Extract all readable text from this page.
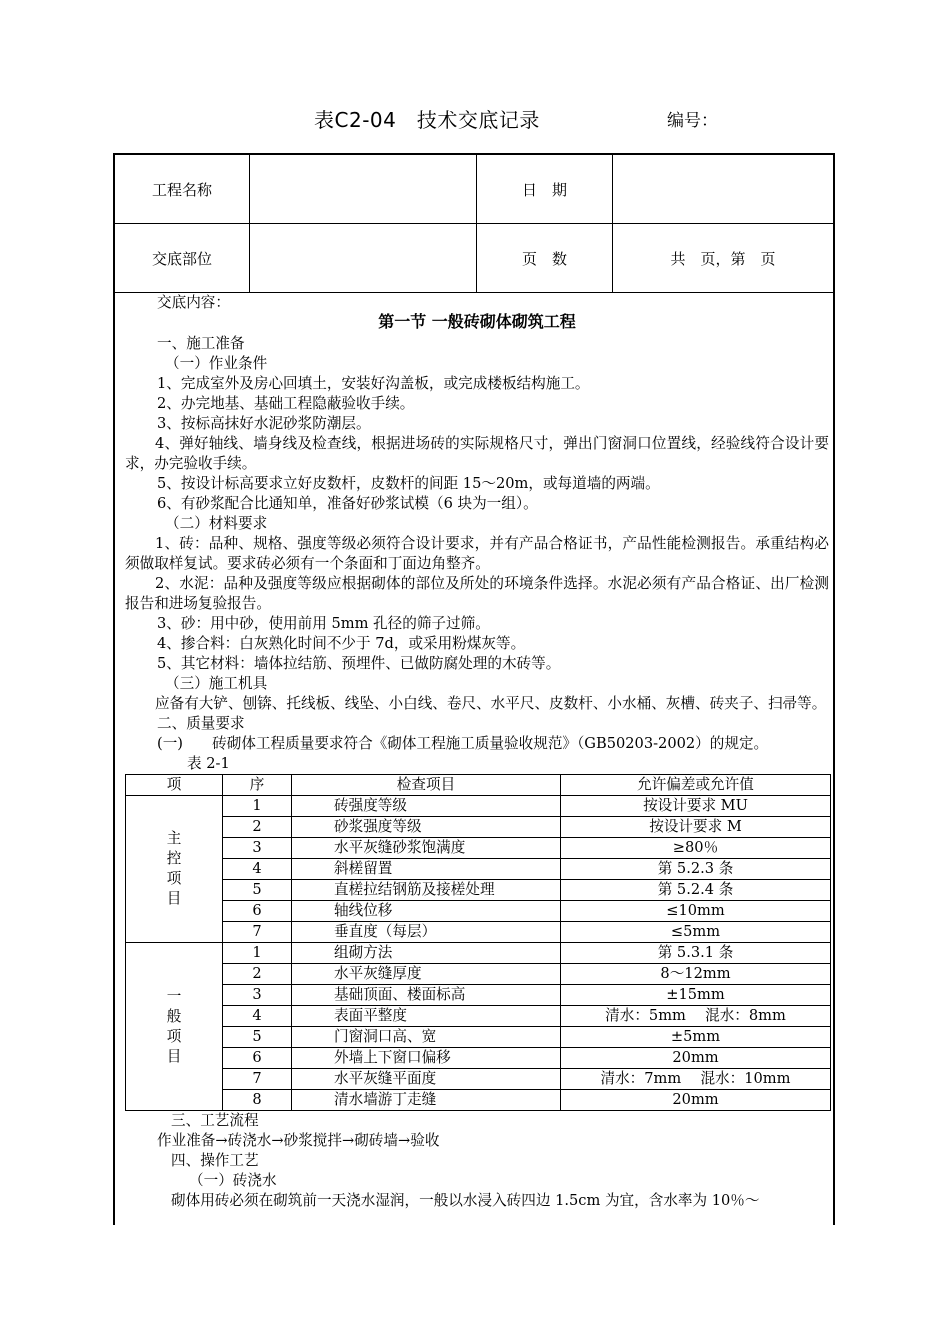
表C2-04　技术交底记录	编号：
工程名称		日　期	
交底部位		页　数	共　页，第　页
交底内容：
第一节 一般砖砌体砌筑工程
一、施工准备
（一）作业条件
1、完成室外及房心回填土，安装好沟盖板，或完成楼板结构施工。
2、办完地基、基础工程隐蔽验收手续。
3、按标高抹好水泥砂浆防潮层。
4、弹好轴线、墙身线及检查线，根据进场砖的实际规格尺寸，弹出门窗洞口位置线，经验线符合设计要求，办完验收手续。
5、按设计标高要求立好皮数杆，皮数杆的间距 15～20m，或每道墙的两端。
6、有砂浆配合比通知单，准备好砂浆试模（6 块为一组）。
（二）材料要求
1、砖：品种、规格、强度等级必须符合设计要求，并有产品合格证书，产品性能检测报告。承重结构必须做取样复试。要求砖必须有一个条面和丁面边角整齐。
2、水泥：品种及强度等级应根据砌体的部位及所处的环境条件选择。水泥必须有产品合格证、出厂检测报告和进场复验报告。
3、砂：用中砂，使用前用 5mm 孔径的筛子过筛。
4、掺合料：白灰熟化时间不少于 7d，或采用粉煤灰等。
5、其它材料：墙体拉结筋、预埋件、已做防腐处理的木砖等。
（三）施工机具
应备有大铲、刨锛、托线板、线坠、小白线、卷尺、水平尺、皮数杆、小水桶、灰槽、砖夹子、扫帚等。
二、质量要求
(一)　　砖砌体工程质量要求符合《砌体工程施工质量验收规范》（GB50203-2002）的规定。
表 2-1
项	序	检查项目	允许偏差或允许值
主
控
项
目	1	砖强度等级	按设计要求 MU
	2	砂浆强度等级	按设计要求 M
	3	水平灰缝砂浆饱满度	≥80％
	4	斜槎留置	第 5.2.3 条
	5	直槎拉结钢筋及接槎处理	第 5.2.4 条
	6	轴线位移	≤10mm
	7	垂直度（每层）	≤5mm
一
般
项
目	1	组砌方法	第 5.3.1 条
	2	水平灰缝厚度	8～12mm
	3	基础顶面、楼面标高	±15mm
	4	表面平整度	清水：5mm　 混水：8mm
	5	门窗洞口高、宽	±5mm
	6	外墙上下窗口偏移	20mm
	7	水平灰缝平面度	清水：7mm　 混水：10mm
	8	清水墙游丁走缝	20mm
三、工艺流程
作业准备→砖浇水→砂浆搅拌→砌砖墙→验收
四、操作工艺
（一）砖浇水
砌体用砖必须在砌筑前一天浇水湿润，一般以水浸入砖四边 1.5cm 为宜，含水率为 10％～
